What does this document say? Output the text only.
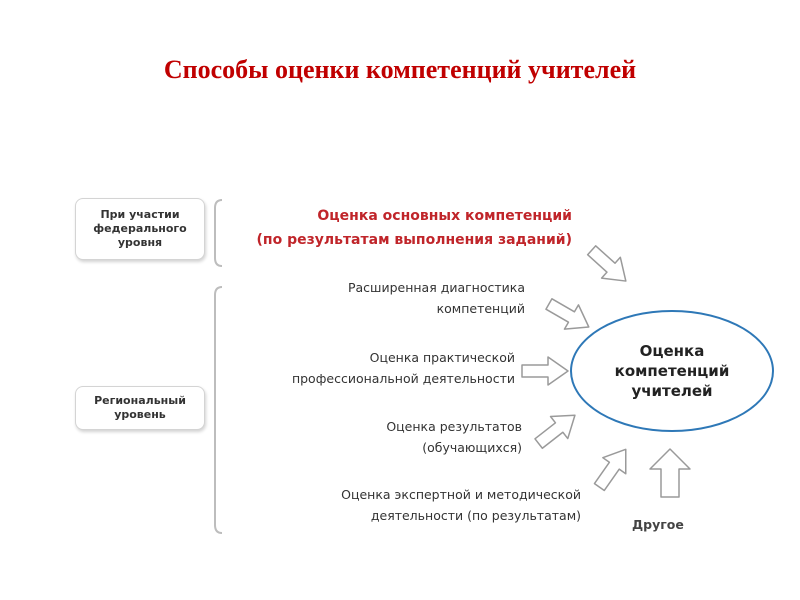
Способы оценки компетенций учителей
При участии
федерального
уровня
Региональный
уровень
Оценка основных компетенций
(по результатам выполнения заданий)
Расширенная диагностика
компетенций
Оценка практической
профессиональной деятельности
Оценка результатов
(обучающихся)
Оценка экспертной и методической
деятельности (по результатам)
Оценка
компетенций
учителей
Другое
